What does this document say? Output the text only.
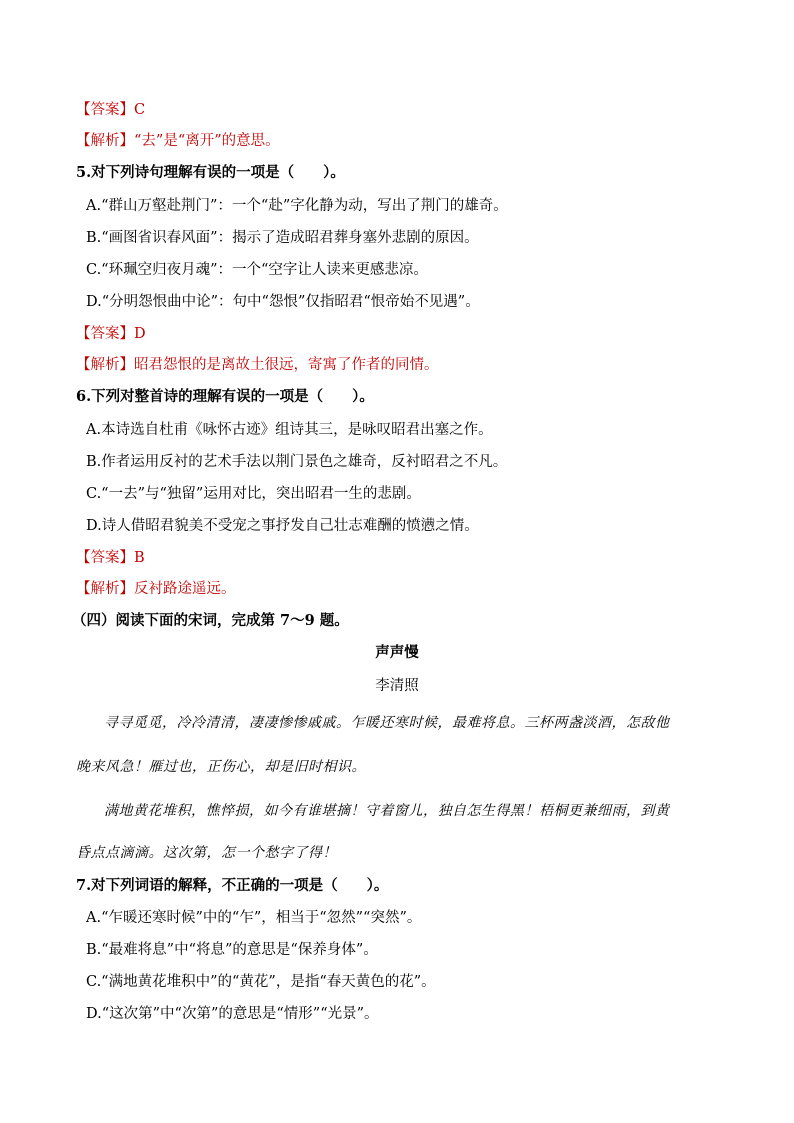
【答案】C
【解析】“去”是“离开”的意思。
5.对下列诗句理解有误的一项是（　　）。
A.“群山万壑赴荆门”：一个“赴”字化静为动，写出了荆门的雄奇。
B.“画图省识春风面”：揭示了造成昭君葬身塞外悲剧的原因。
C.“环珮空归夜月魂”：一个“空字让人读来更感悲凉。
D.“分明怨恨曲中论”：句中“怨恨”仅指昭君“恨帝始不见遇”。
【答案】D
【解析】昭君怨恨的是离故土很远，寄寓了作者的同情。
6.下列对整首诗的理解有误的一项是（　　）。
A.本诗选自杜甫《咏怀古迹》组诗其三，是咏叹昭君出塞之作。
B.作者运用反衬的艺术手法以荆门景色之雄奇，反衬昭君之不凡。
C.“一去”与“独留”运用对比，突出昭君一生的悲剧。
D.诗人借昭君貌美不受宠之事抒发自己壮志难酬的愤懑之情。
【答案】B
【解析】反衬路途遥远。
（四）阅读下面的宋词，完成第 7～9 题。
声声慢
李清照
寻寻觅觅，冷冷清清，凄凄惨惨戚戚。乍暖还寒时候，最难将息。三杯两盏淡酒，怎敌他
晚来风急！雁过也，正伤心，却是旧时相识。
满地黄花堆积，憔悴损，如今有谁堪摘！守着窗儿，独自怎生得黑！梧桐更兼细雨，到黄
昏点点滴滴。这次第，怎一个愁字了得！
7.对下列词语的解释，不正确的一项是（　　）。
A.“乍暖还寒时候”中的“乍”，相当于“忽然”“突然”。
B.“最难将息”中“将息”的意思是“保养身体”。
C.“满地黄花堆积中”的“黄花”，是指“春天黄色的花”。
D.“这次第”中“次第”的意思是“情形”“光景”。
